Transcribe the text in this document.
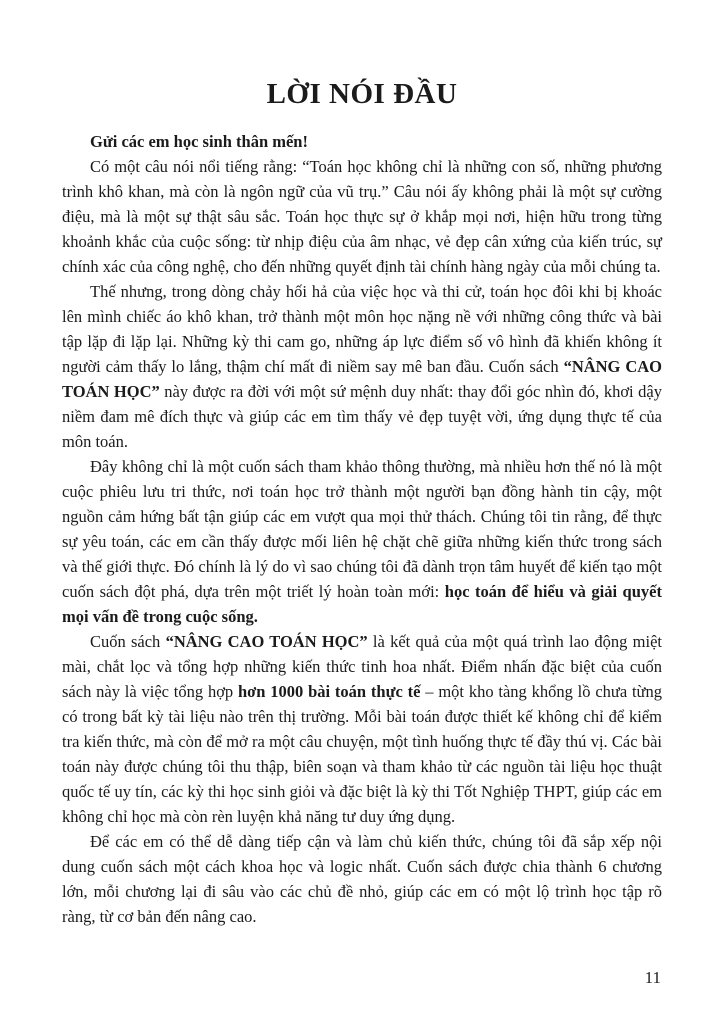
LỜI NÓI ĐẦU

Gửi các em học sinh thân mến!

Có một câu nói nổi tiếng rằng: “Toán học không chỉ là những con số, những phương trình khô khan, mà còn là ngôn ngữ của vũ trụ.” Câu nói ấy không phải là một sự cường điệu, mà là một sự thật sâu sắc. Toán học thực sự ở khắp mọi nơi, hiện hữu trong từng khoảnh khắc của cuộc sống: từ nhịp điệu của âm nhạc, vẻ đẹp cân xứng của kiến trúc, sự chính xác của công nghệ, cho đến những quyết định tài chính hàng ngày của mỗi chúng ta.

Thế nhưng, trong dòng chảy hối hả của việc học và thi cử, toán học đôi khi bị khoác lên mình chiếc áo khô khan, trở thành một môn học nặng nề với những công thức và bài tập lặp đi lặp lại. Những kỳ thi cam go, những áp lực điểm số vô hình đã khiến không ít người cảm thấy lo lắng, thậm chí mất đi niềm say mê ban đầu. Cuốn sách “NÂNG CAO TOÁN HỌC” này được ra đời với một sứ mệnh duy nhất: thay đổi góc nhìn đó, khơi dậy niềm đam mê đích thực và giúp các em tìm thấy vẻ đẹp tuyệt vời, ứng dụng thực tế của môn toán.

Đây không chỉ là một cuốn sách tham khảo thông thường, mà nhiều hơn thế nó là một cuộc phiêu lưu tri thức, nơi toán học trở thành một người bạn đồng hành tin cậy, một nguồn cảm hứng bất tận giúp các em vượt qua mọi thử thách. Chúng tôi tin rằng, để thực sự yêu toán, các em cần thấy được mối liên hệ chặt chẽ giữa những kiến thức trong sách và thế giới thực. Đó chính là lý do vì sao chúng tôi đã dành trọn tâm huyết để kiến tạo một cuốn sách đột phá, dựa trên một triết lý hoàn toàn mới: học toán để hiểu và giải quyết mọi vấn đề trong cuộc sống.

Cuốn sách “NÂNG CAO TOÁN HỌC” là kết quả của một quá trình lao động miệt mài, chắt lọc và tổng hợp những kiến thức tinh hoa nhất. Điểm nhấn đặc biệt của cuốn sách này là việc tổng hợp hơn 1000 bài toán thực tế – một kho tàng khổng lồ chưa từng có trong bất kỳ tài liệu nào trên thị trường. Mỗi bài toán được thiết kế không chỉ để kiểm tra kiến thức, mà còn để mở ra một câu chuyện, một tình huống thực tế đầy thú vị. Các bài toán này được chúng tôi thu thập, biên soạn và tham khảo từ các nguồn tài liệu học thuật quốc tế uy tín, các kỳ thi học sinh giỏi và đặc biệt là kỳ thi Tốt Nghiệp THPT, giúp các em không chỉ học mà còn rèn luyện khả năng tư duy ứng dụng.

Để các em có thể dễ dàng tiếp cận và làm chủ kiến thức, chúng tôi đã sắp xếp nội dung cuốn sách một cách khoa học và logic nhất. Cuốn sách được chia thành 6 chương lớn, mỗi chương lại đi sâu vào các chủ đề nhỏ, giúp các em có một lộ trình học tập rõ ràng, từ cơ bản đến nâng cao.

11
